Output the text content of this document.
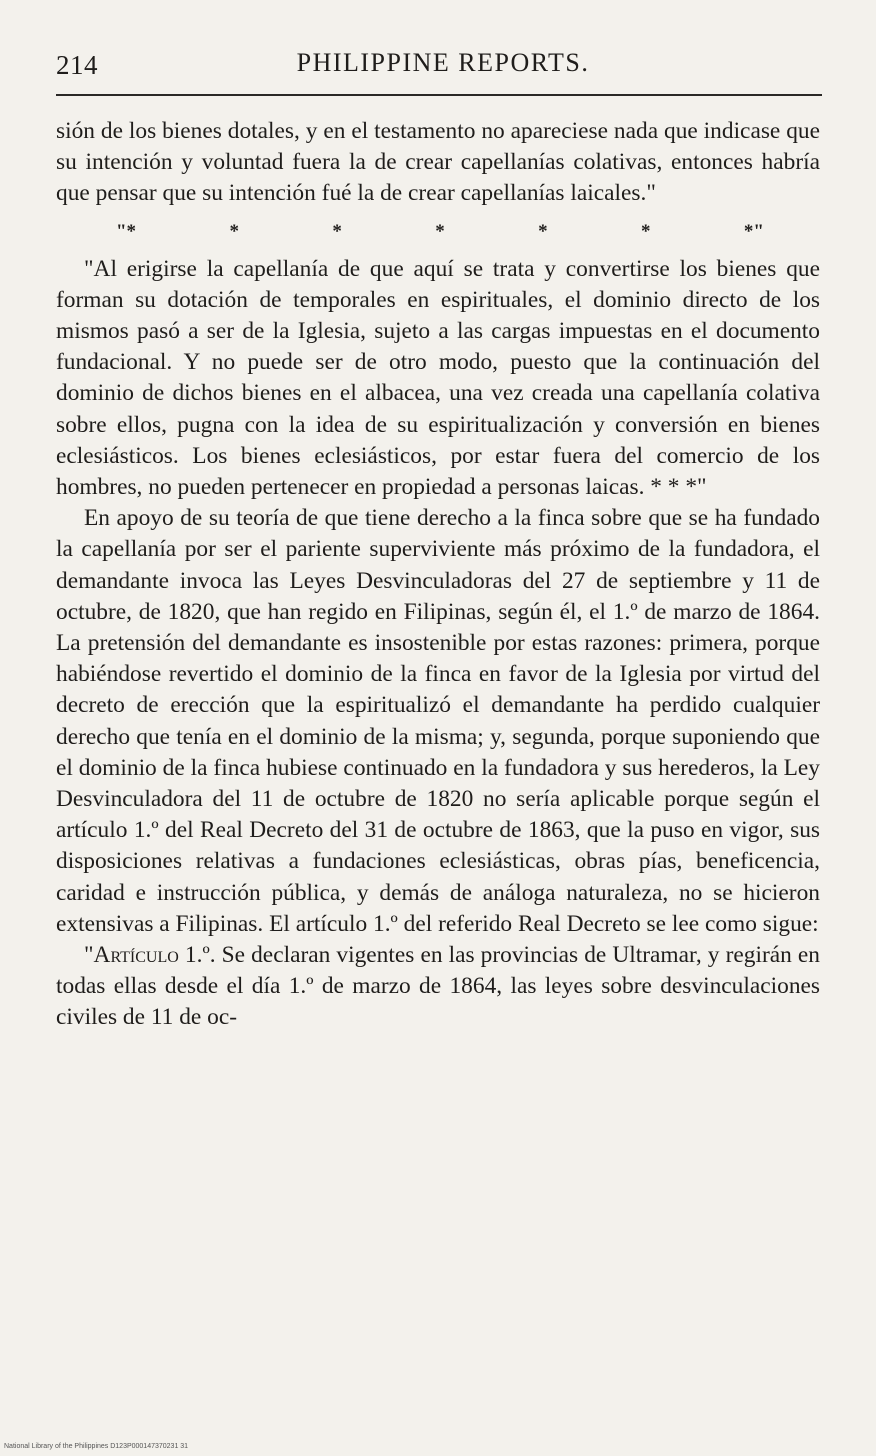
214	PHILIPPINE REPORTS.

sión de los bienes dotales, y en el testamento no apareciese nada que indicase que su intención y voluntad fuera la de crear capellanías colativas, entonces habría que pensar que su intención fué la de crear capellanías laicales."

"*	*	*	*	*	*	*"

"Al erigirse la capellanía de que aquí se trata y convertirse los bienes que forman su dotación de temporales en espirituales, el dominio directo de los mismos pasó a ser de la Iglesia, sujeto a las cargas impuestas en el documento fundacional. Y no puede ser de otro modo, puesto que la continuación del dominio de dichos bienes en el albacea, una vez creada una capellanía colativa sobre ellos, pugna con la idea de su espiritualización y conversión en bienes eclesiásticos. Los bienes eclesiásticos, por estar fuera del comercio de los hombres, no pueden pertenecer en propiedad a personas laicas. * * *"

En apoyo de su teoría de que tiene derecho a la finca sobre que se ha fundado la capellanía por ser el pariente superviviente más próximo de la fundadora, el demandante invoca las Leyes Desvinculadoras del 27 de septiembre y 11 de octubre, de 1820, que han regido en Filipinas, según él, el 1.º de marzo de 1864. La pretensión del demandante es insostenible por estas razones: primera, porque habiéndose revertido el dominio de la finca en favor de la Iglesia por virtud del decreto de erección que la espiritualizó el demandante ha perdido cualquier derecho que tenía en el dominio de la misma; y, segunda, porque suponiendo que el dominio de la finca hubiese continuado en la fundadora y sus herederos, la Ley Desvinculadora del 11 de octubre de 1820 no sería aplicable porque según el artículo 1.º del Real Decreto del 31 de octubre de 1863, que la puso en vigor, sus disposiciones relativas a fundaciones eclesiásticas, obras pías, beneficencia, caridad e instrucción pública, y demás de análoga naturaleza, no se hicieron extensivas a Filipinas. El artículo 1.º del referido Real Decreto se lee como sigue:

"Artículo 1.º. Se declaran vigentes en las provincias de Ultramar, y regirán en todas ellas desde el día 1.º de marzo de 1864, las leyes sobre desvinculaciones civiles de 11 de oc-

National Library of the Philippines D123P000147370231 31
